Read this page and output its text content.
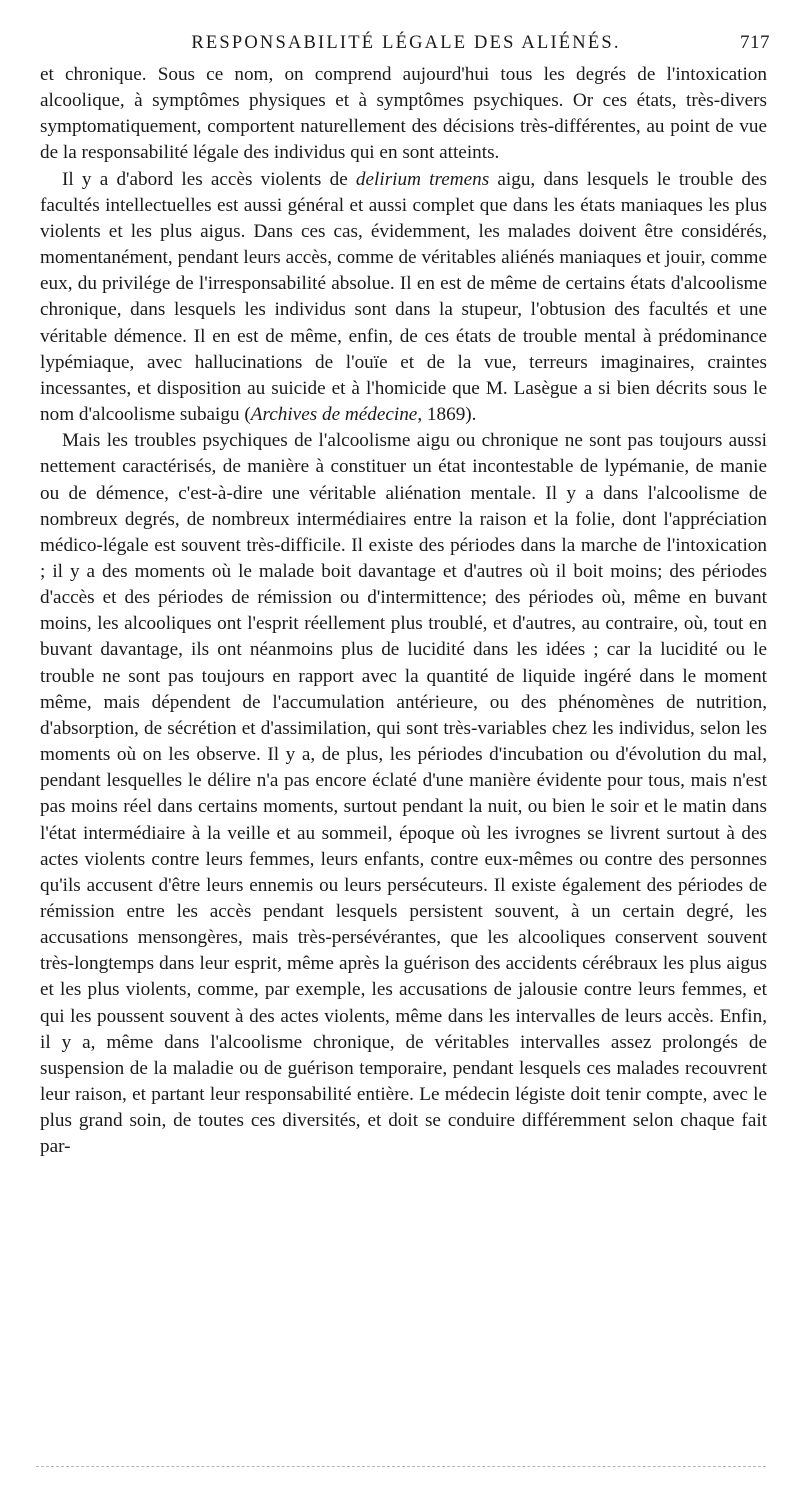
RESPONSABILITÉ LÉGALE DES ALIÉNÉS.	717

et chronique. Sous ce nom, on comprend aujourd'hui tous les degrés de l'intoxication alcoolique, à symptômes physiques et à symptômes psychiques. Or ces états, très-divers symptomatiquement, comportent naturellement des décisions très-différentes, au point de vue de la responsabilité légale des individus qui en sont atteints.

Il y a d'abord les accès violents de delirium tremens aigu, dans lesquels le trouble des facultés intellectuelles est aussi général et aussi complet que dans les états maniaques les plus violents et les plus aigus. Dans ces cas, évidemment, les malades doivent être considérés, momentanément, pendant leurs accès, comme de véritables aliénés maniaques et jouir, comme eux, du privilége de l'irresponsabilité absolue. Il en est de même de certains états d'alcoolisme chronique, dans lesquels les individus sont dans la stupeur, l'obtusion des facultés et une véritable démence. Il en est de même, enfin, de ces états de trouble mental à prédominance lypémiaque, avec hallucinations de l'ouïe et de la vue, terreurs imaginaires, craintes incessantes, et disposition au suicide et à l'homicide que M. Lasègue a si bien décrits sous le nom d'alcoolisme subaigu (Archives de médecine, 1869).

Mais les troubles psychiques de l'alcoolisme aigu ou chronique ne sont pas toujours aussi nettement caractérisés, de manière à constituer un état incontestable de lypémanie, de manie ou de démence, c'est-à-dire une véritable aliénation mentale. Il y a dans l'alcoolisme de nombreux degrés, de nombreux intermédiaires entre la raison et la folie, dont l'appréciation médico-légale est souvent très-difficile. Il existe des périodes dans la marche de l'intoxication ; il y a des moments où le malade boit davantage et d'autres où il boit moins; des périodes d'accès et des périodes de rémission ou d'intermittence; des périodes où, même en buvant moins, les alcooliques ont l'esprit réellement plus troublé, et d'autres, au contraire, où, tout en buvant davantage, ils ont néanmoins plus de lucidité dans les idées ; car la lucidité ou le trouble ne sont pas toujours en rapport avec la quantité de liquide ingéré dans le moment même, mais dépendent de l'accumulation antérieure, ou des phénomènes de nutrition, d'absorption, de sécrétion et d'assimilation, qui sont très-variables chez les individus, selon les moments où on les observe. Il y a, de plus, les périodes d'incubation ou d'évolution du mal, pendant lesquelles le délire n'a pas encore éclaté d'une manière évidente pour tous, mais n'est pas moins réel dans certains moments, surtout pendant la nuit, ou bien le soir et le matin dans l'état intermédiaire à la veille et au sommeil, époque où les ivrognes se livrent surtout à des actes violents contre leurs femmes, leurs enfants, contre eux-mêmes ou contre des personnes qu'ils accusent d'être leurs ennemis ou leurs persécuteurs. Il existe également des périodes de rémission entre les accès pendant lesquels persistent souvent, à un certain degré, les accusations mensongères, mais très-persévérantes, que les alcooliques conservent souvent très-longtemps dans leur esprit, même après la guérison des accidents cérébraux les plus aigus et les plus violents, comme, par exemple, les accusations de jalousie contre leurs femmes, et qui les poussent souvent à des actes violents, même dans les intervalles de leurs accès. Enfin, il y a, même dans l'alcoolisme chronique, de véritables intervalles assez prolongés de suspension de la maladie ou de guérison temporaire, pendant lesquels ces malades recouvrent leur raison, et partant leur responsabilité entière. Le médecin légiste doit tenir compte, avec le plus grand soin, de toutes ces diversités, et doit se conduire différemment selon chaque fait par-
